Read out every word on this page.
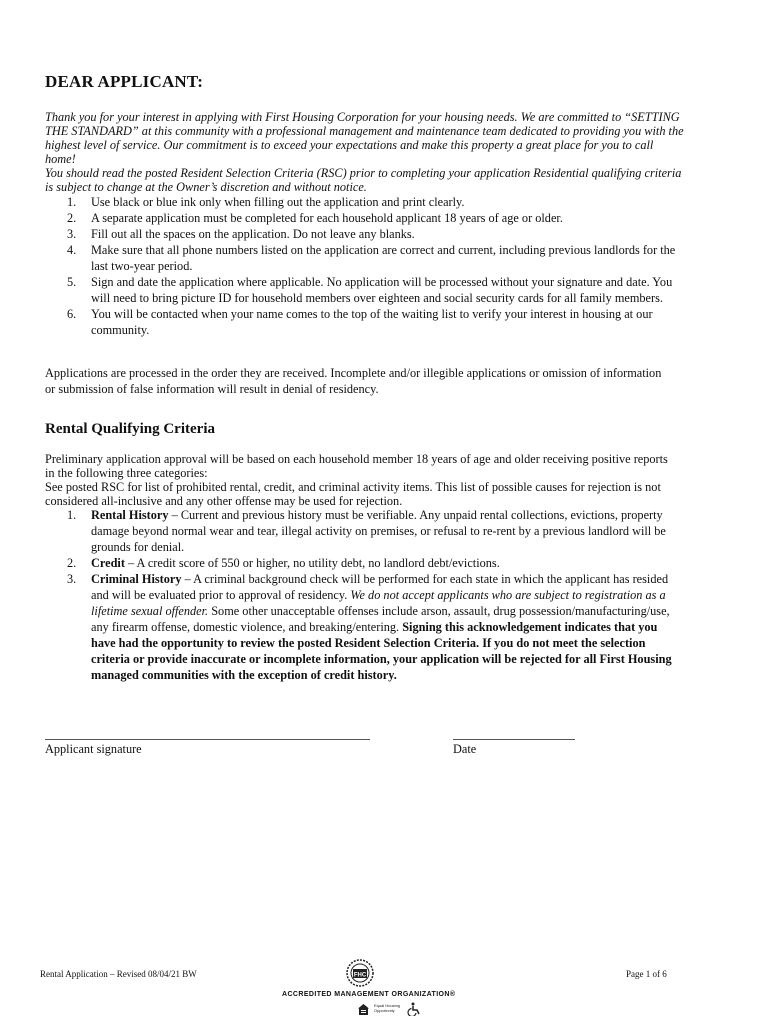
DEAR APPLICANT:
Thank you for your interest in applying with First Housing Corporation for your housing needs. We are committed to “SETTING THE STANDARD” at this community with a professional management and maintenance team dedicated to providing you with the highest level of service. Our commitment is to exceed your expectations and make this property a great place for you to call home!
You should read the posted Resident Selection Criteria (RSC) prior to completing your application Residential qualifying criteria is subject to change at the Owner’s discretion and without notice.
1. Use black or blue ink only when filling out the application and print clearly.
2. A separate application must be completed for each household applicant 18 years of age or older.
3. Fill out all the spaces on the application. Do not leave any blanks.
4. Make sure that all phone numbers listed on the application are correct and current, including previous landlords for the last two-year period.
5. Sign and date the application where applicable. No application will be processed without your signature and date. You will need to bring picture ID for household members over eighteen and social security cards for all family members.
6. You will be contacted when your name comes to the top of the waiting list to verify your interest in housing at our community.

Applications are processed in the order they are received. Incomplete and/or illegible applications or omission of information or submission of false information will result in denial of residency.

Rental Qualifying Criteria
Preliminary application approval will be based on each household member 18 years of age and older receiving positive reports in the following three categories:
See posted RSC for list of prohibited rental, credit, and criminal activity items. This list of possible causes for rejection is not considered all-inclusive and any other offense may be used for rejection.
1. Rental History – Current and previous history must be verifiable. Any unpaid rental collections, evictions, property damage beyond normal wear and tear, illegal activity on premises, or refusal to re-rent by a previous landlord will be grounds for denial.
2. Credit – A credit score of 550 or higher, no utility debt, no landlord debt/evictions.
3. Criminal History – A criminal background check will be performed for each state in which the applicant has resided and will be evaluated prior to approval of residency. We do not accept applicants who are subject to registration as a lifetime sexual offender. Some other unacceptable offenses include arson, assault, drug possession/manufacturing/use, any firearm offense, domestic violence, and breaking/entering. Signing this acknowledgement indicates that you have had the opportunity to review the posted Resident Selection Criteria. If you do not meet the selection criteria or provide inaccurate or incomplete information, your application will be rejected for all First Housing managed communities with the exception of credit history.
Applicant signature	Date
Rental Application – Revised 08/04/21 BW	Page 1 of 6
FHC
ACCREDITED MANAGEMENT ORGANIZATION®
Equal Housing Opportunity
